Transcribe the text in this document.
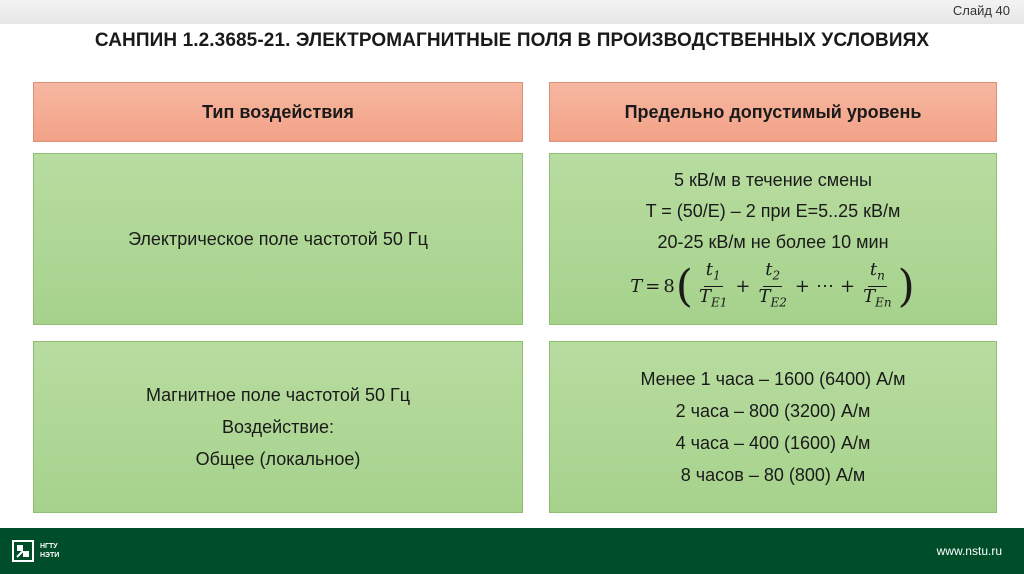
Слайд 40
САНПИН 1.2.3685-21. ЭЛЕКТРОМАГНИТНЫЕ ПОЛЯ В ПРОИЗВОДСТВЕННЫХ УСЛОВИЯХ
Тип воздействия	Предельно допустимый уровень
Электрическое поле частотой 50 Гц
5 кВ/м в течение смены
T = (50/E) – 2 при E=5..25 кВ/м
20-25 кВ/м не более 10 мин
T = 8 ( $\frac{t_1}{T_{E1}} + \frac{t_2}{T_{E2}}$ + ⋯ + $\frac{t_n}{T_{En}}$ )
Магнитное поле частотой 50 Гц
Воздействие:
Общее (локальное)
Менее 1 часа – 1600 (6400) А/м
2 часа – 800 (3200) А/м
4 часа – 400 (1600) А/м
8 часов – 80 (800) А/м
НГТУ
НЭТИ	www.nstu.ru
